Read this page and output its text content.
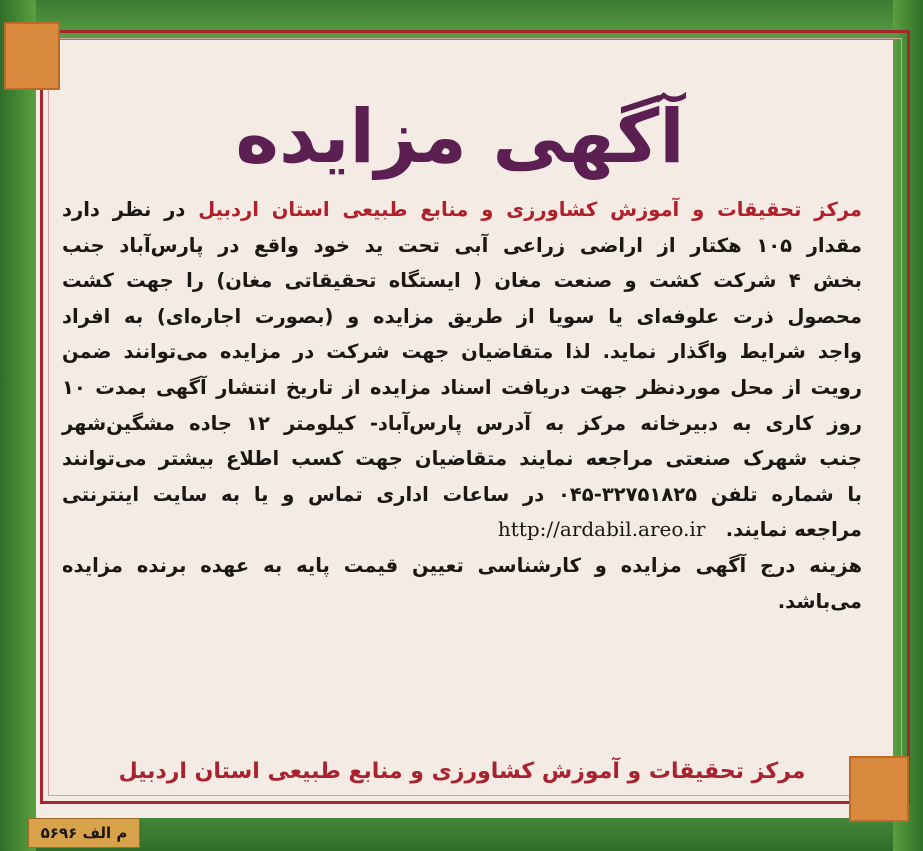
آگهی مزایده
مرکز تحقیقات و آموزش کشاورزی و منابع طبیعی استان اردبیل در نظر دارد
مقدار ۱۰۵ هکتار از اراضی زراعی آبی تحت ید خود واقع در پارس‌آباد جنب
بخش ۴ شرکت کشت و صنعت مغان ( ایستگاه تحقیقاتی مغان) را جهت کشت
محصول ذرت علوفه‌ای یا سویا از طریق مزایده و (بصورت اجاره‌ای) به افراد
واجد شرایط واگذار نماید. لذا متقاضیان جهت شرکت در مزایده می‌توانند ضمن
رویت از محل موردنظر جهت دریافت اسناد مزایده از تاریخ انتشار آگهی بمدت ۱۰
روز کاری به دبیرخانه مرکز به آدرس پارس‌آباد- کیلومتر ۱۲ جاده مشگین‌شهر
جنب شهرک صنعتی مراجعه نمایند متقاضیان جهت کسب اطلاع بیشتر می‌توانند
با شماره تلفن ۳۲۷۵۱۸۲۵-۰۴۵ در ساعات اداری تماس و یا به سایت اینترنتی
مراجعه نمایند.   http://ardabil.areo.ir
هزینه درج آگهی مزایده و کارشناسی تعیین قیمت پایه به عهده برنده مزایده
می‌باشد.
مرکز تحقیقات و آموزش کشاورزی و منابع طبیعی استان اردبیل
م الف ۵۶۹۶
